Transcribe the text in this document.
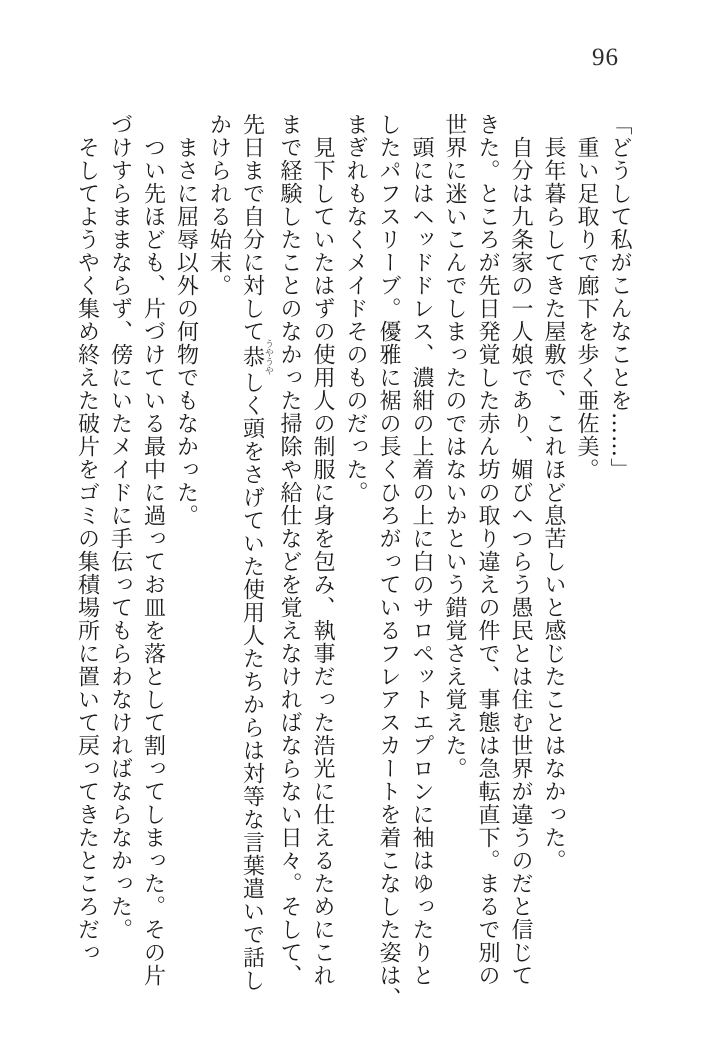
96
「どうして私がこんなことを……」
　重い足取りで廊下を歩く亜佐美。
　長年暮らしてきた屋敷で、これほど息苦しいと感じたことはなかった。
　自分は九条家の一人娘であり、媚びへつらう愚民とは住む世界が違うのだと信じて
きた。ところが先日発覚した赤ん坊の取り違えの件で、事態は急転直下。まるで別の
世界に迷いこんでしまったのではないかという錯覚さえ覚えた。
　頭にはヘッドドレス、濃紺の上着の上に白のサロペットエプロンに袖はゆったりと
したパフスリーブ。優雅に裾の長くひろがっているフレアスカートを着こなした姿は、
まぎれもなくメイドそのものだった。
　見下していたはずの使用人の制服に身を包み、執事だった浩光に仕えるためにこれ
まで経験したことのなかった掃除や給仕などを覚えなければならない日々。そして、
先日まで自分に対して恭うやうやしく頭をさげていた使用人たちからは対等な言葉遣いで話し
かけられる始末。
　まさに屈辱以外の何物でもなかった。
　つい先ほども、片づけている最中に過ってお皿を落として割ってしまった。その片
づけすらままならず、傍にいたメイドに手伝ってもらわなければならなかった。
　そしてようやく集め終えた破片をゴミの集積場所に置いて戻ってきたところだっ
